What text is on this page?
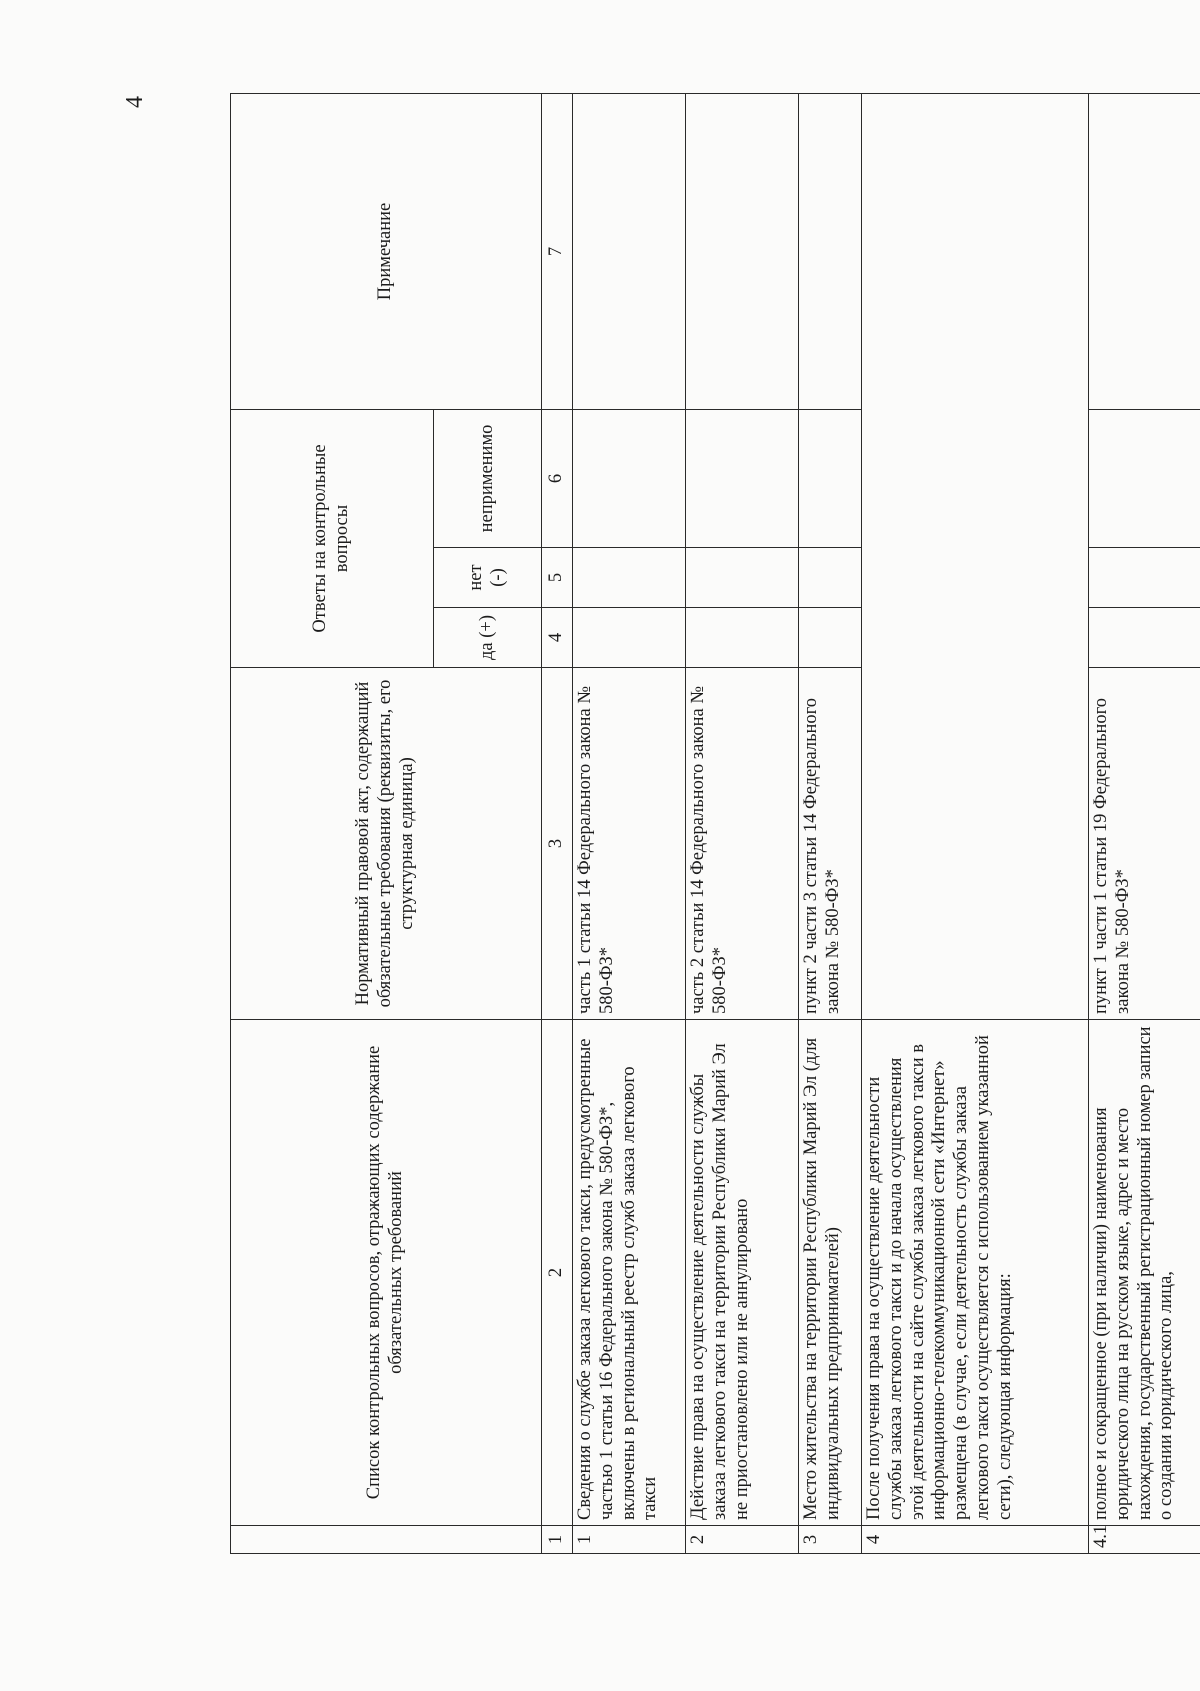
4
	Список контрольных вопросов, отражающих содержание обязательных требований	Нормативный правовой акт, содержащий обязательные требования (реквизиты, его структурная единица)	Ответы на контрольные вопросы			Примечание
			да (+)	нет (-)	неприменимо	
1	2	3	4	5	6	7
1	Сведения о службе заказа легкового такси, предусмотренные частью 1 статьи 16 Федерального закона № 580-ФЗ*, включены в региональный реестр служб заказа легкового такси	часть 1 статьи 14 Федерального закона № 580-ФЗ*				
2	Действие права на осуществление деятельности службы заказа легкового такси на территории Республики Марий Эл не приостановлено или не аннулировано	часть 2 статьи 14 Федерального закона № 580-ФЗ*				
3	Место жительства на территории Республики Марий Эл (для индивидуальных предпринимателей)	пункт 2 части 3 статьи 14 Федерального закона № 580-ФЗ*				
4	После получения права на осуществление деятельности службы заказа легкового такси и до начала осуществления этой деятельности на сайте службы заказа легкового такси в информационно-телекоммуникационной сети «Интернет» размещена (в случае, если деятельность службы заказа легкового такси осуществляется с использованием указанной сети), следующая информация:					
4.1	полное и сокращенное (при наличии) наименования юридического лица на русском языке, адрес и место нахождения, государственный регистрационный номер записи о создании юридического лица,	пункт 1 части 1 статьи 19 Федерального закона № 580-ФЗ*				
